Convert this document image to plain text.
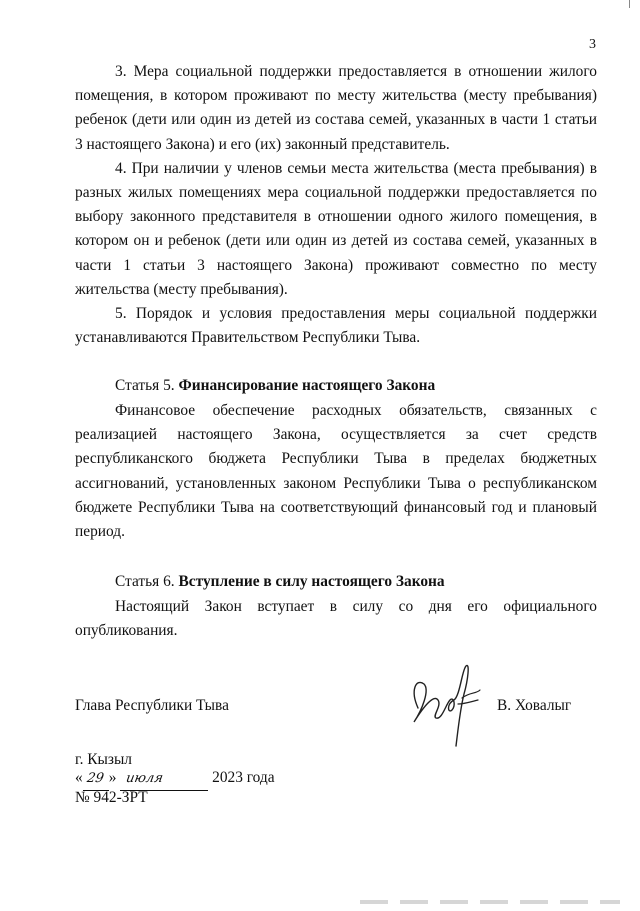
3

3. Мера социальной поддержки предоставляется в отношении жилого помещения, в котором проживают по месту жительства (месту пребывания) ребенок (дети или один из детей из состава семей, указанных в части 1 статьи 3 настоящего Закона) и его (их) законный представитель.

4. При наличии у членов семьи места жительства (места пребывания) в разных жилых помещениях мера социальной поддержки предоставляется по выбору законного представителя в отношении одного жилого помещения, в котором он и ребенок (дети или один из детей из состава семей, указанных в части 1 статьи 3 настоящего Закона) проживают совместно по месту жительства (месту пребывания).

5. Порядок и условия предоставления меры социальной поддержки устанавливаются Правительством Республики Тыва.

Статья 5. Финансирование настоящего Закона

Финансовое обеспечение расходных обязательств, связанных с реализацией настоящего Закона, осуществляется за счет средств республиканского бюджета Республики Тыва в пределах бюджетных ассигнований, установленных законом Республики Тыва о республиканском бюджете Республики Тыва на соответствующий финансовый год и плановый период.

Статья 6. Вступление в силу настоящего Закона

Настоящий Закон вступает в силу со дня его официального опубликования.

Глава Республики Тыва	В. Ховалыг
г. Кызыл
« 29 » июля	2023 года
№ 942-ЗРТ
